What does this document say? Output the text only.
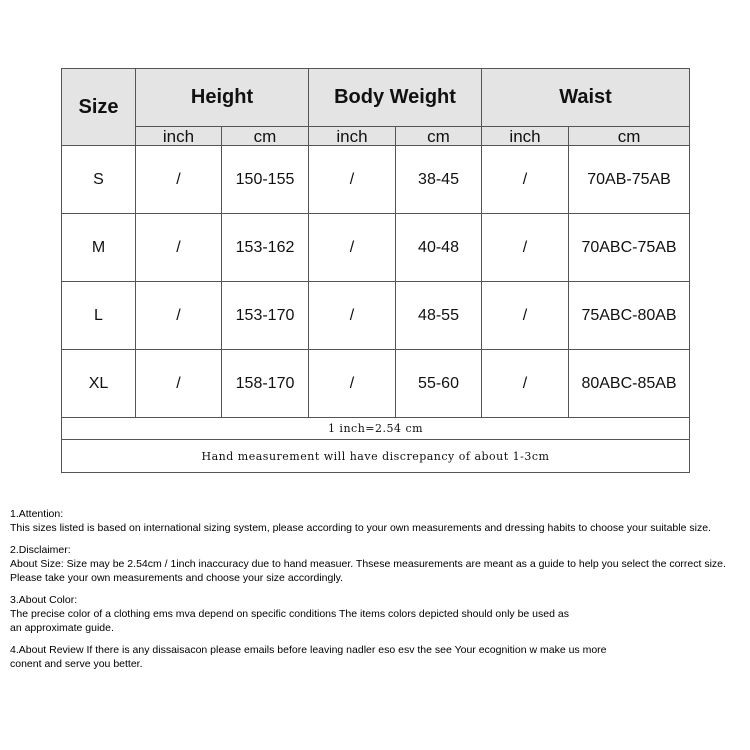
Size	Height		Body Weight		Waist	
	inch	cm	inch	cm	inch	cm
S	/	150-155	/	38-45	/	70AB-75AB
M	/	153-162	/	40-48	/	70ABC-75AB
L	/	153-170	/	48-55	/	75ABC-80AB
XL	/	158-170	/	55-60	/	80ABC-85AB
1 inch=2.54 cm						
Hand measurement will have discrepancy of about 1-3cm						

1.Attention:

This sizes listed is based on international sizing system, please according to your own measurements and dressing habits to choose your suitable size.

2.Disclaimer:

About Size: Size may be 2.54cm / 1inch inaccuracy due to hand measuer. Thsese measurements are meant as a guide to help you select the correct size.

Please take your own measurements and choose your size accordingly.

3.About Color:

The precise color of a clothing ems mva depend on specific conditions The items colors depicted should only be used as

an approximate guide.

4.About Review If there is any dissaisacon please emails before leaving nadler eso esv the see Your ecognition w make us more

conent and serve you better.
